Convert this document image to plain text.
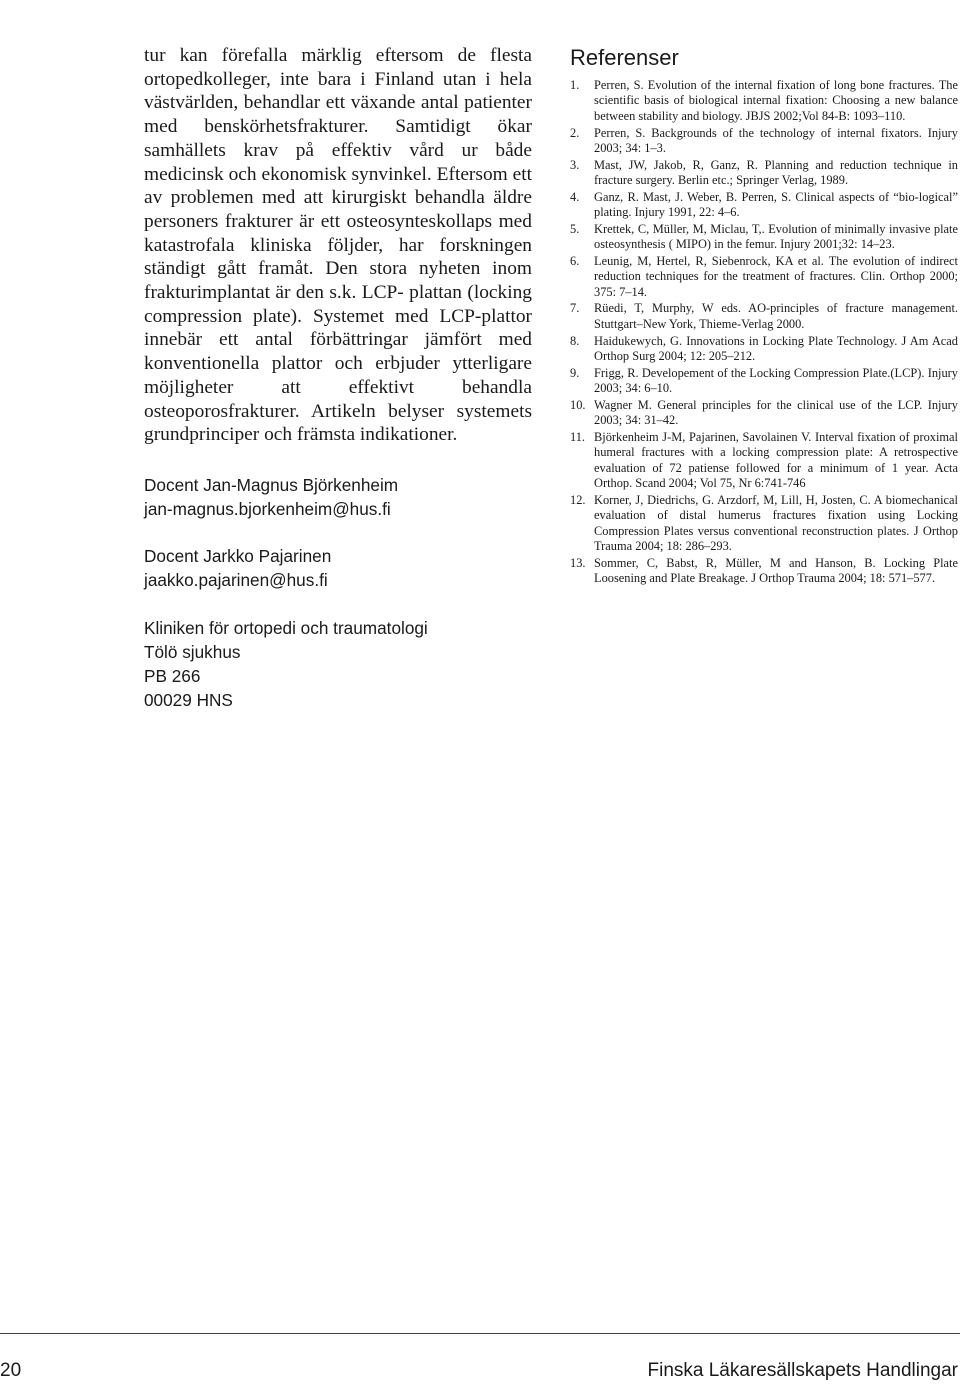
tur kan förefalla märklig eftersom de flesta ortopedkolleger, inte bara i Finland utan i hela västvärlden, behandlar ett växande antal patienter med benskörhetsfrakturer. Samtidigt ökar samhällets krav på effektiv vård ur både medicinsk och ekonomisk synvinkel. Eftersom ett av problemen med att kirurgiskt behandla äldre personers frakturer är ett osteosynteskollaps med katastrofala kliniska följder, har forskningen ständigt gått framåt. Den stora nyheten inom frakturimplantat är den s.k. LCP- plattan (locking compression plate). Systemet med LCP-plattor innebär ett antal förbättringar jämfört med konventionella plattor och erbjuder ytterligare möjligheter att effektivt behandla osteoporosfrakturer. Artikeln belyser systemets grundprinciper och främsta indikationer.

Docent Jan-Magnus Björkenheim
jan-magnus.bjorkenheim@hus.fi
Docent Jarkko Pajarinen
jaakko.pajarinen@hus.fi
Kliniken för ortopedi och traumatologi
Tölö sjukhus
PB 266
00029 HNS
Referenser
1.	Perren, S. Evolution of the internal fixation of long bone fractures. The scientific basis of biological internal fixation: Choosing a new balance between stability and biology. JBJS 2002;Vol 84-B: 1093–110.
2.	Perren, S. Backgrounds of the technology of internal fixators. Injury 2003; 34: 1–3.
3.	Mast, JW, Jakob, R, Ganz, R. Planning and reduction technique in fracture surgery. Berlin etc.; Springer Verlag, 1989.
4.	Ganz, R. Mast, J. Weber, B. Perren, S. Clinical aspects of “bio-logical” plating. Injury 1991, 22: 4–6.
5.	Krettek, C, Müller, M, Miclau, T,. Evolution of minimally invasive plate osteosynthesis ( MIPO) in the femur. Injury 2001;32: 14–23.
6.	Leunig, M, Hertel, R, Siebenrock, KA et al. The evolution of indirect reduction techniques for the treatment of fractures. Clin. Orthop 2000; 375: 7–14.
7.	Rüedi, T, Murphy, W eds. AO-principles of fracture management. Stuttgart–New York, Thieme-Verlag 2000.
8.	Haidukewych, G. Innovations in Locking Plate Technology. J Am Acad Orthop Surg 2004; 12: 205–212.
9.	Frigg, R. Developement of the Locking Compression Plate.(LCP). Injury 2003; 34: 6–10.
10. Wagner M. General principles for the clinical use of the LCP. Injury 2003; 34: 31–42.
11. Björkenheim J-M, Pajarinen, Savolainen V. Interval fixation of proximal humeral fractures with a locking compression plate: A retrospective evaluation of 72 patiense followed for a minimum of 1 year. Acta Orthop. Scand 2004; Vol 75, Nr 6:741-746
12. Korner, J, Diedrichs, G. Arzdorf, M, Lill, H, Josten, C. A biomechanical evaluation of distal humerus fractures fixation using Locking Compression Plates versus conventional reconstruction plates. J Orthop Trauma 2004; 18: 286–293.
13. Sommer, C, Babst, R, Müller, M and Hanson, B. Locking Plate Loosening and Plate Breakage. J Orthop Trauma 2004; 18: 571–577.
20	Finska Läkaresällskapets Handlingar
